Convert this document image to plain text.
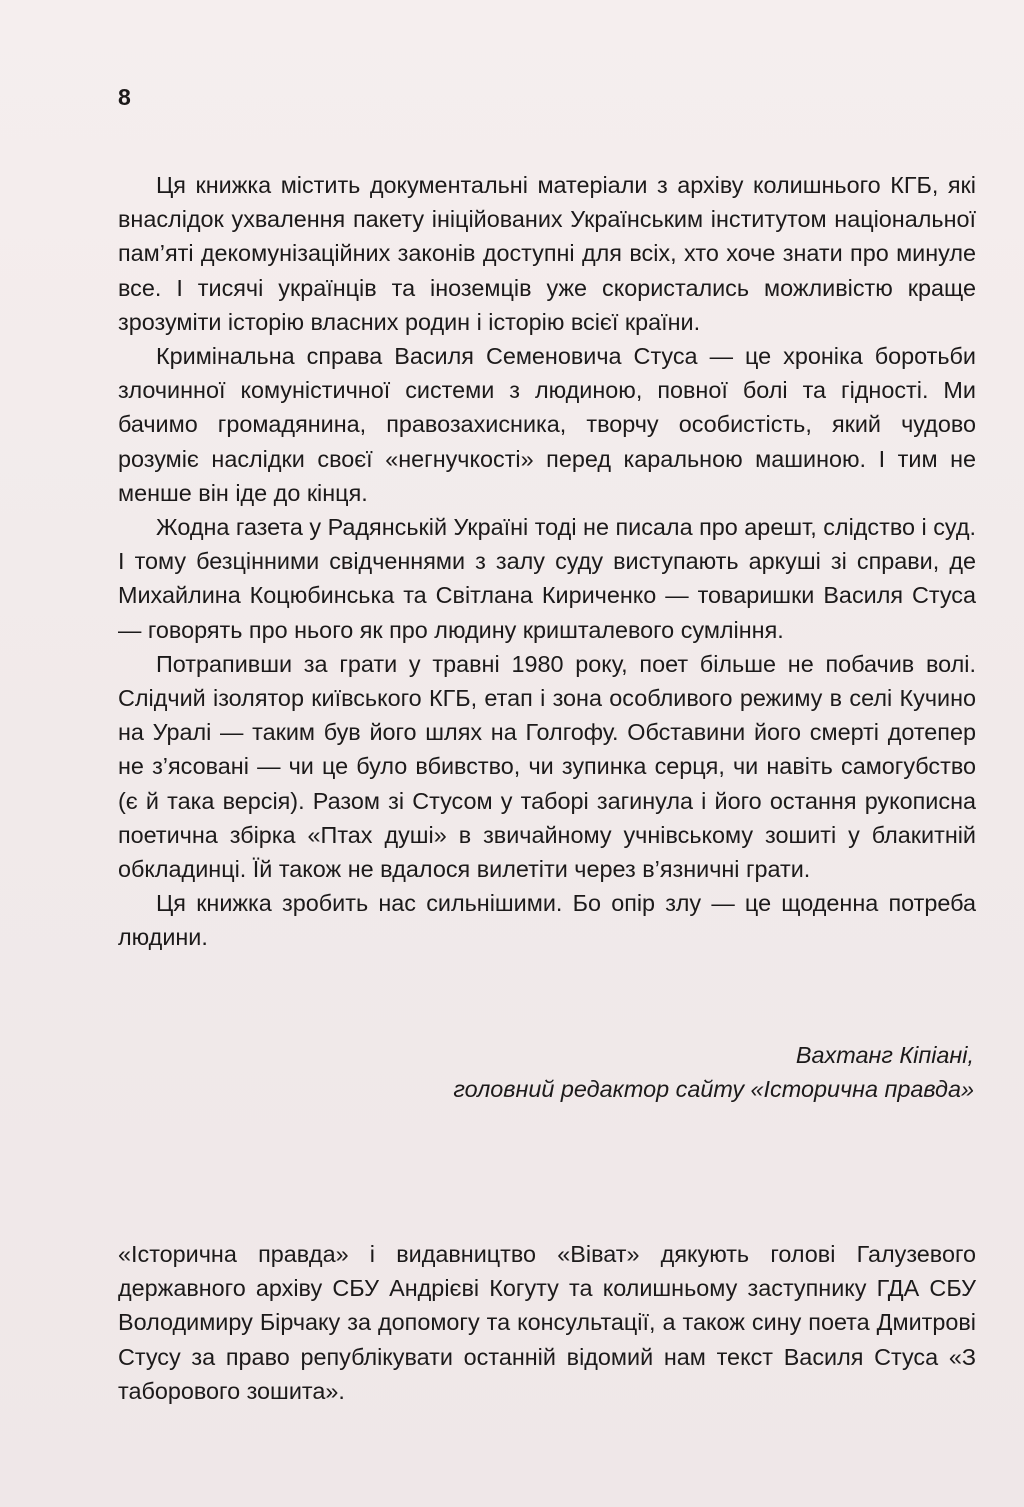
8

Ця книжка містить документальні матеріали з архіву колишнього КГБ, які внаслідок ухвалення пакету ініційованих Українським інститутом національної пам’яті декомунізаційних законів доступні для всіх, хто хоче знати про минуле все. І тисячі українців та іноземців уже скористались можливістю краще зрозуміти історію власних родин і історію всієї країни.

Кримінальна справа Василя Семеновича Стуса — це хроніка боротьби злочинної комуністичної системи з людиною, повної болі та гідності. Ми бачимо громадянина, правозахисника, творчу особистість, який чудово розуміє наслідки своєї «негнучкості» перед каральною машиною. І тим не менше він іде до кінця.

Жодна газета у Радянській Україні тоді не писала про арешт, слідство і суд. І тому безцінними свідченнями з залу суду виступають аркуші зі справи, де Михайлина Коцюбинська та Світлана Кириченко — товаришки Василя Стуса — говорять про нього як про людину кришталевого сумління.

Потрапивши за грати у травні 1980 року, поет більше не побачив волі. Слідчий ізолятор київського КГБ, етап і зона особливого режиму в селі Кучино на Уралі — таким був його шлях на Голгофу. Обставини його смерті дотепер не з’ясовані — чи це було вбивство, чи зупинка серця, чи навіть самогубство (є й така версія). Разом зі Стусом у таборі загинула і його остання рукописна поетична збірка «Птах душі» в звичайному учнівському зошиті у блакитній обкладинці. Їй також не вдалося вилетіти через в’язничні грати.

Ця книжка зробить нас сильнішими. Бо опір злу — це щоденна потреба людини.

Вахтанг Кіпіані,
головний редактор сайту «Історична правда»

«Історична правда» і видавництво «Віват» дякують голові Галузевого державного архіву СБУ Андрієві Когуту та колишньому заступнику ГДА СБУ Володимиру Бірчаку за допомогу та консультації, а також сину поета Дмитрові Стусу за право републікувати останній відомий нам текст Василя Стуса «З таборового зошита».
